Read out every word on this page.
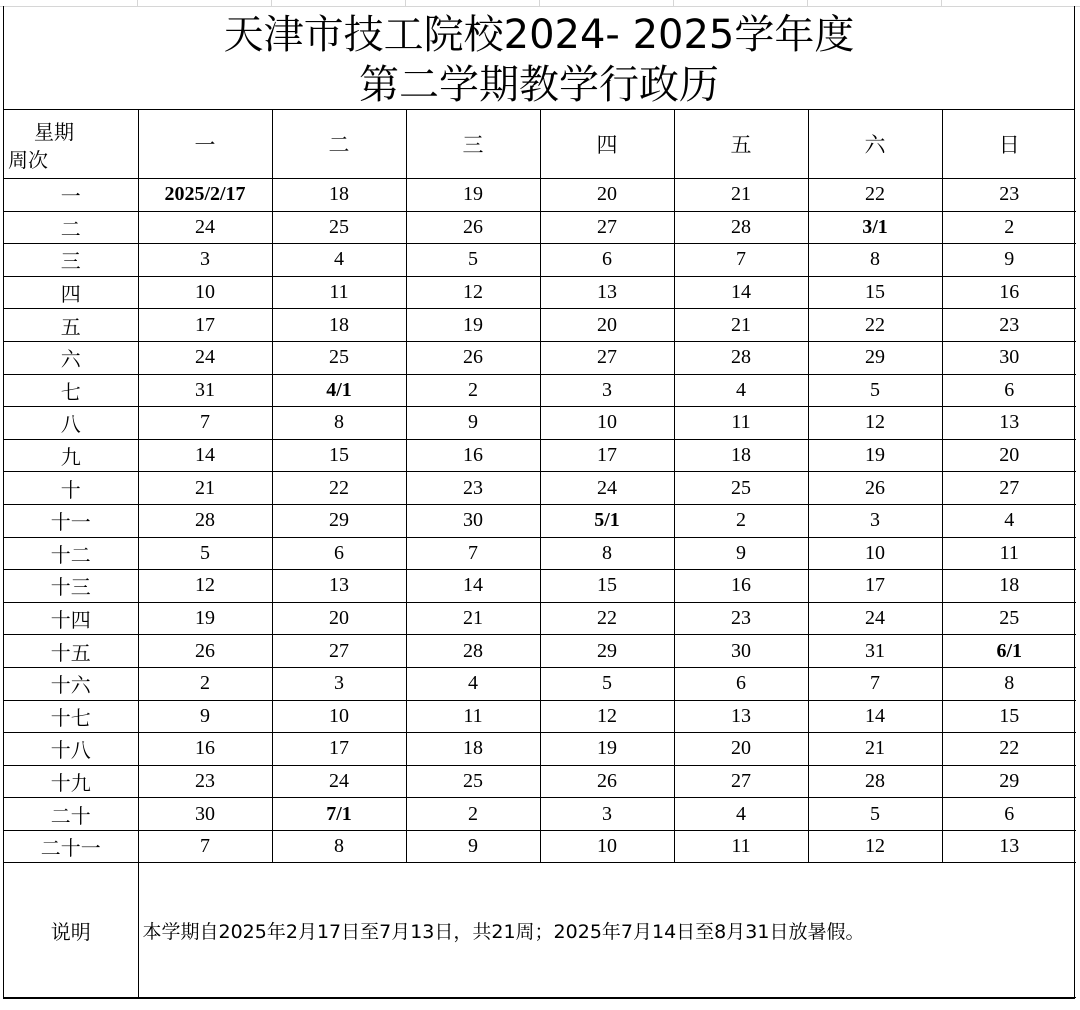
天津市技工院校2024- 2025学年度
第二学期教学行政历
星期
周次	一	二	三	四	五	六	日
一	2025/2/17	18	19	20	21	22	23
二	24	25	26	27	28	3/1	2
三	3	4	5	6	7	8	9
四	10	11	12	13	14	15	16
五	17	18	19	20	21	22	23
六	24	25	26	27	28	29	30
七	31	4/1	2	3	4	5	6
八	7	8	9	10	11	12	13
九	14	15	16	17	18	19	20
十	21	22	23	24	25	26	27
十一	28	29	30	5/1	2	3	4
十二	5	6	7	8	9	10	11
十三	12	13	14	15	16	17	18
十四	19	20	21	22	23	24	25
十五	26	27	28	29	30	31	6/1
十六	2	3	4	5	6	7	8
十七	9	10	11	12	13	14	15
十八	16	17	18	19	20	21	22
十九	23	24	25	26	27	28	29
二十	30	7/1	2	3	4	5	6
二十一	7	8	9	10	11	12	13
说明	本学期自2025年2月17日至7月13日，共21周；2025年7月14日至8月31日放暑假。						
